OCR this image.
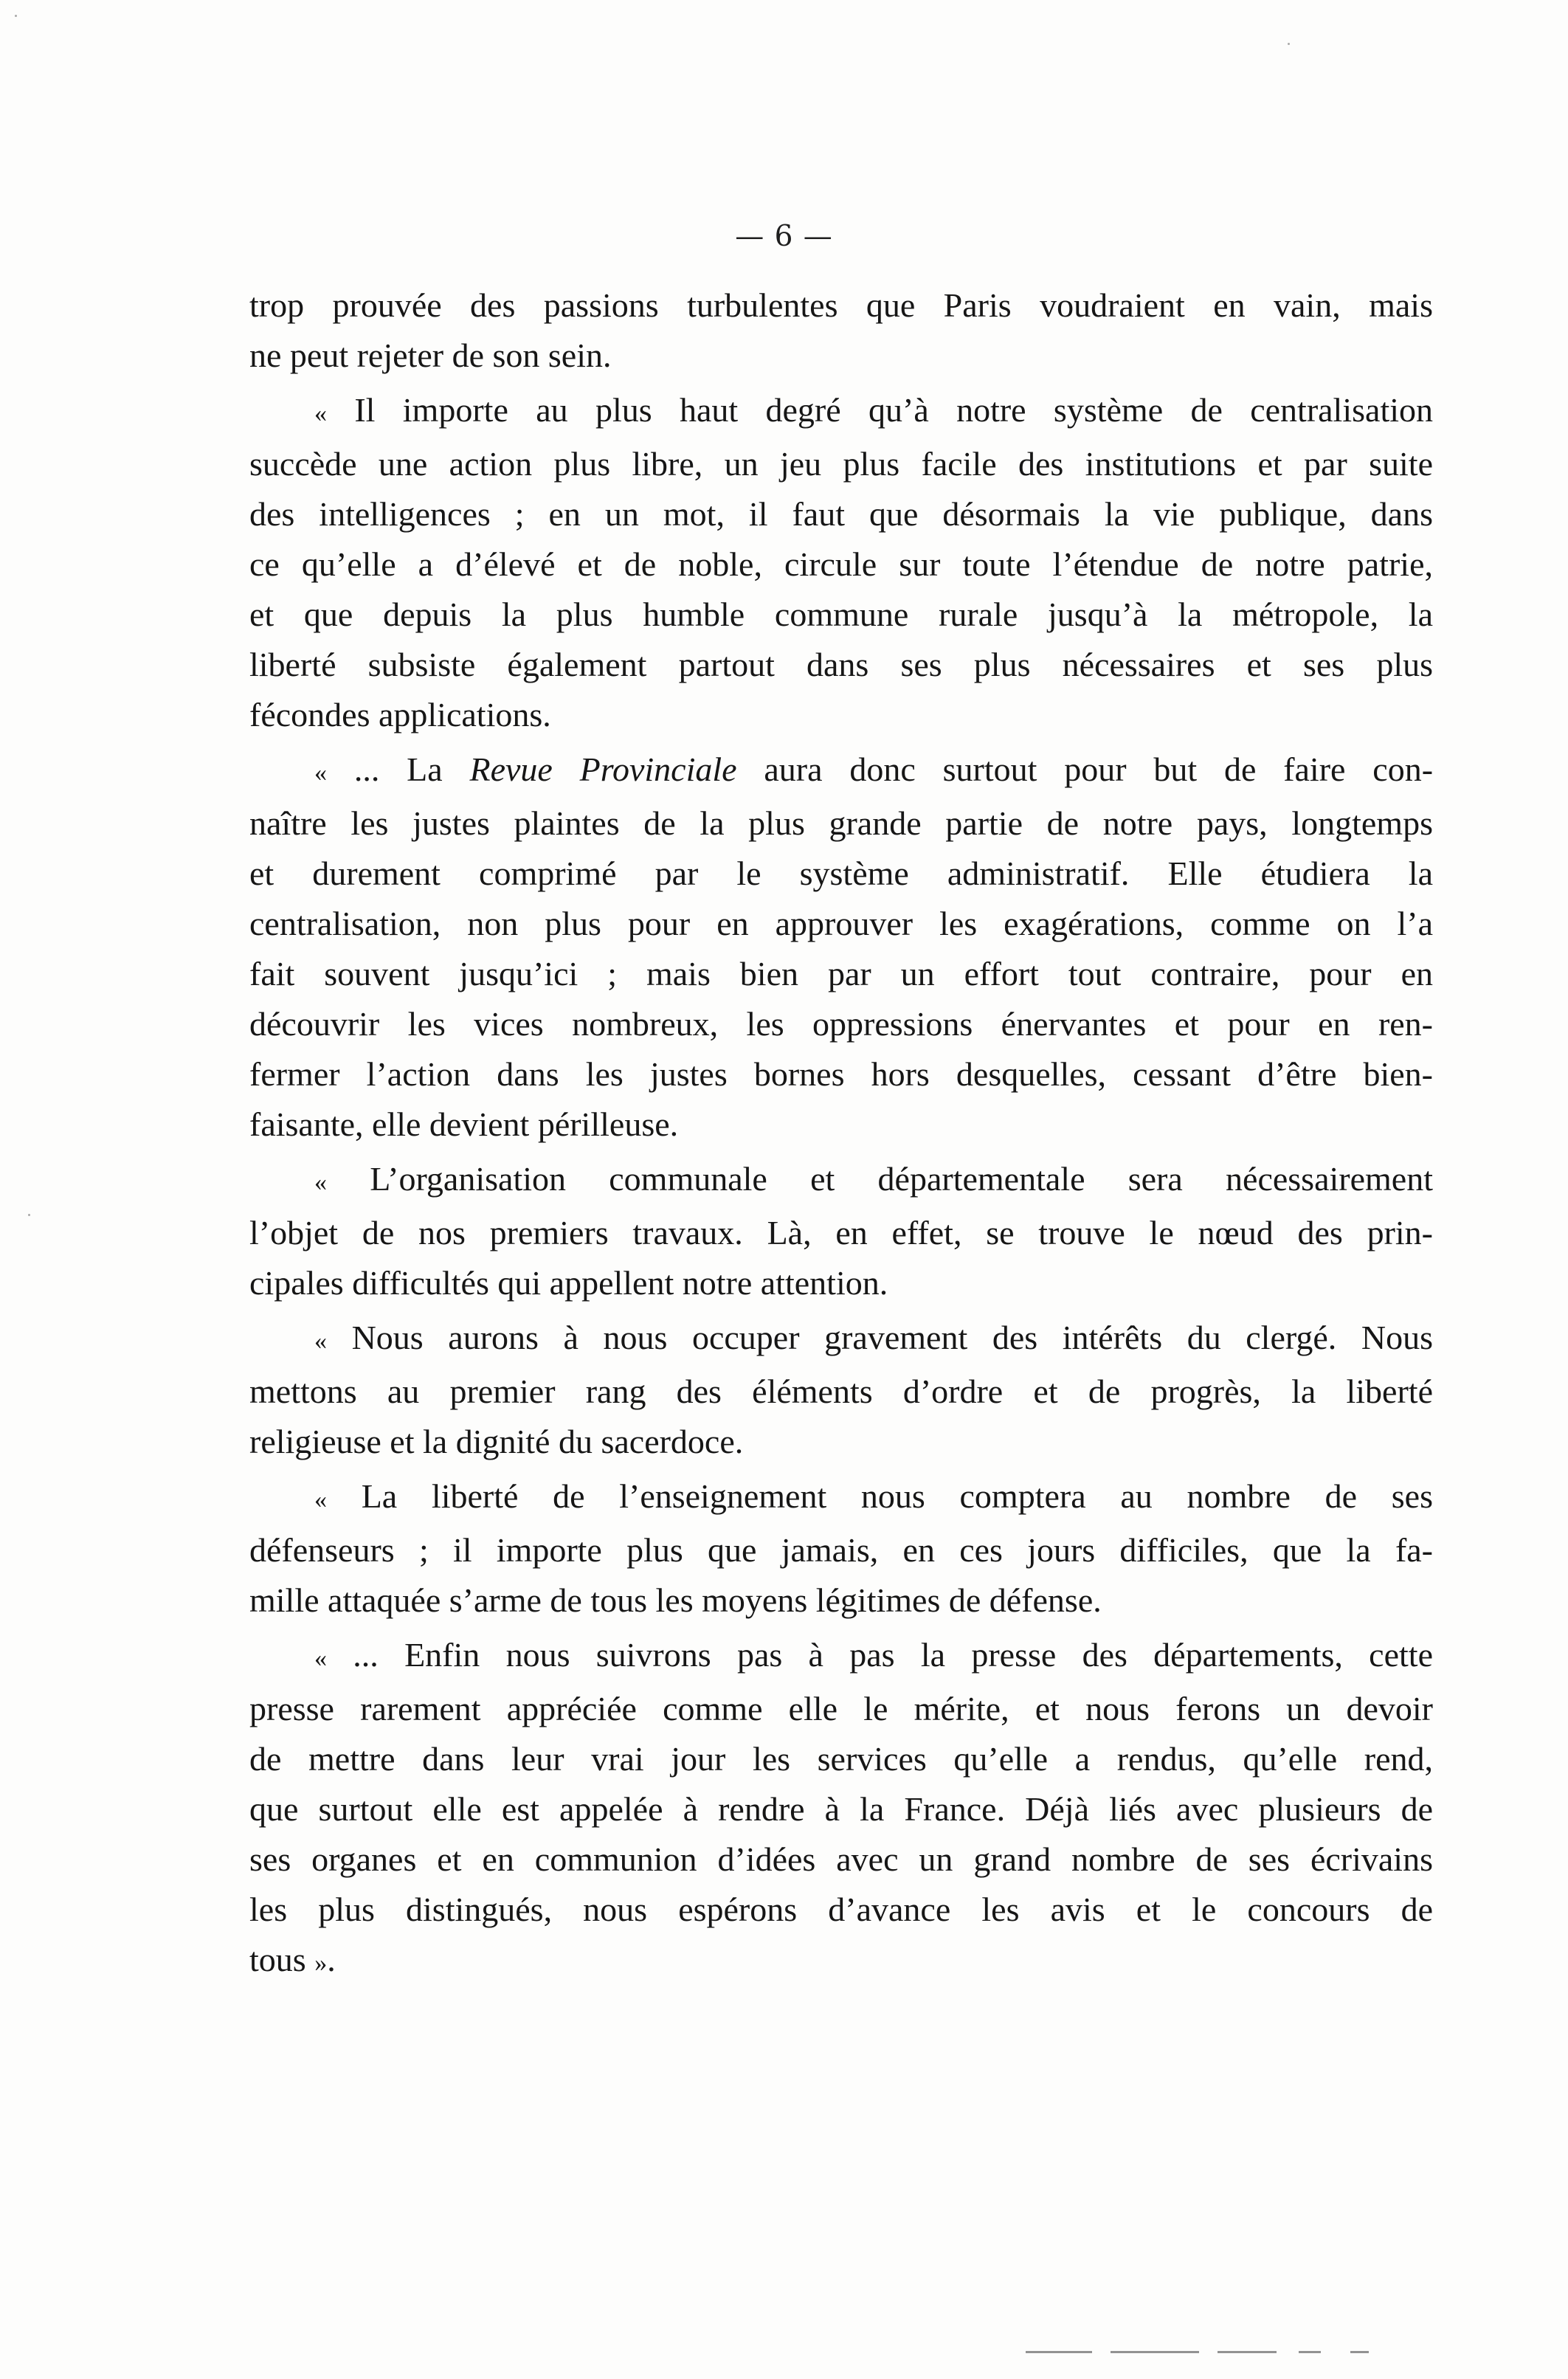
— 6 —
trop prouvée des passions turbulentes que Paris voudraient en vain, mais
ne peut rejeter de son sein.
« Il importe au plus haut degré qu’à notre système de centralisation
succède une action plus libre, un jeu plus facile des institutions et par suite
des intelligences ; en un mot, il faut que désormais la vie publique, dans
ce qu’elle a d’élevé et de noble, circule sur toute l’étendue de notre patrie,
et que depuis la plus humble commune rurale jusqu’à la métropole, la
liberté subsiste également partout dans ses plus nécessaires et ses plus
fécondes applications.
« ... La Revue Provinciale aura donc surtout pour but de faire con-
naître les justes plaintes de la plus grande partie de notre pays, longtemps
et durement comprimé par le système administratif. Elle étudiera la
centralisation, non plus pour en approuver les exagérations, comme on l’a
fait souvent jusqu’ici ; mais bien par un effort tout contraire, pour en
découvrir les vices nombreux, les oppressions énervantes et pour en ren-
fermer l’action dans les justes bornes hors desquelles, cessant d’être bien-
faisante, elle devient périlleuse.
« L’organisation communale et départementale sera nécessairement
l’objet de nos premiers travaux. Là, en effet, se trouve le nœud des prin-
cipales difficultés qui appellent notre attention.
« Nous aurons à nous occuper gravement des intérêts du clergé. Nous
mettons au premier rang des éléments d’ordre et de progrès, la liberté
religieuse et la dignité du sacerdoce.
« La liberté de l’enseignement nous comptera au nombre de ses
défenseurs ; il importe plus que jamais, en ces jours difficiles, que la fa-
mille attaquée s’arme de tous les moyens légitimes de défense.
« ... Enfin nous suivrons pas à pas la presse des départements, cette
presse rarement appréciée comme elle le mérite, et nous ferons un devoir
de mettre dans leur vrai jour les services qu’elle a rendus, qu’elle rend,
que surtout elle est appelée à rendre à la France. Déjà liés avec plusieurs de
ses organes et en communion d’idées avec un grand nombre de ses écrivains
les plus distingués, nous espérons d’avance les avis et le concours de
tous ».
